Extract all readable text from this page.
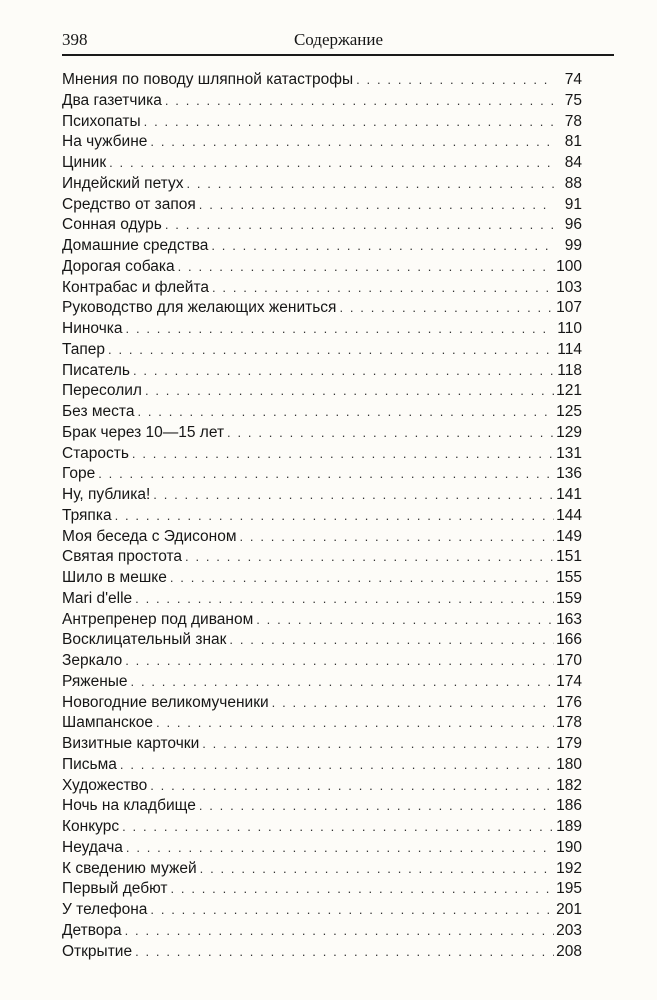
398	Содержание
Мнения по поводу шляпной катастрофы . . .	74
Два газетчика . . .	75
Психопаты . . .	78
На чужбине . . .	81
Циник . . .	84
Индейский петух . . .	88
Средство от запоя . . .	91
Сонная одурь . . .	96
Домашние средства . . .	99
Дорогая собака . . .	100
Контрабас и флейта . . .	103
Руководство для желающих жениться . . .	107
Ниночка . . .	110
Тапер . . .	114
Писатель . . .	118
Пересолил . . .	121
Без места . . .	125
Брак через 10—15 лет . . .	129
Старость . . .	131
Горе . . .	136
Ну, публика! . . .	141
Тряпка . . .	144
Моя беседа с Эдисоном . . .	149
Святая простота . . .	151
Шило в мешке . . .	155
Mari d'elle . . .	159
Антрепренер под диваном . . .	163
Восклицательный знак . . .	166
Зеркало . . .	170
Ряженые . . .	174
Новогодние великомученики . . .	176
Шампанское . . .	178
Визитные карточки . . .	179
Письма . . .	180
Художество . . .	182
Ночь на кладбище . . .	186
Конкурс . . .	189
Неудача . . .	190
К сведению мужей . . .	192
Первый дебют . . .	195
У телефона . . .	201
Детвора . . .	203
Открытие . . .	208
